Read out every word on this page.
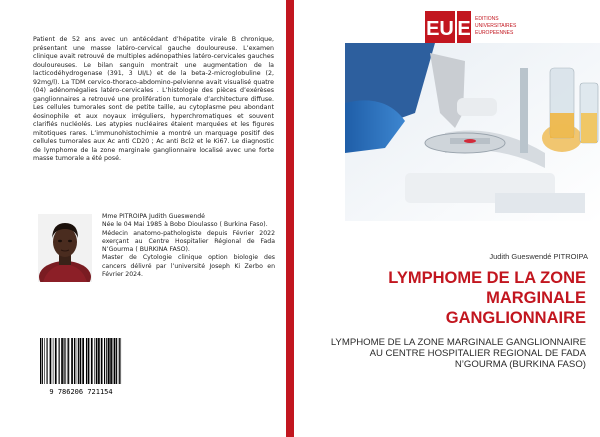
Patient de 52 ans avec un antécédant d’hépatite virale B chronique, présentant une masse latéro-cervical gauche douloureuse. L’examen clinique avait retrouvé de multiples adénopathies latéro-cervicales gauches douloureuses. Le bilan sanguin montrait une augmentation de la lacticodéhydrogenase (391, 3 UI/L) et de la beta-2-microglobuline (2, 92mg/l). La TDM cervico-thoraco-abdomino-pelvienne avait visualisé quatre (04) adénomégalies latéro-cervicales . L’histologie des pièces d’exérèses ganglionnaires a retrouvé une prolifération tumorale d’architecture diffuse. Les cellules tumorales sont de petite taille, au cytoplasme peu abondant éosinophile et aux noyaux irréguliers, hyperchromatiques et souvent clarifiés nucléolés. Les atypies nucléaires étaient marquées et les figures mitotiques rares. L’immunohistochimie a montré un marquage positif des cellules tumorales aux Ac anti CD20 ; Ac anti Bcl2 et le Ki67. Le diagnostic de lymphome de la zone marginale ganglionnaire localisé avec une forte masse tumorale a été posé.

Mme PITROIPA Judith Gueswendé

Née le 04 Mai 1985 à Bobo Dioulasso ( Burkina Faso).

Médecin anatomo-pathologiste depuis Février 2022 exerçant au Centre Hospitalier Régional de Fada N’Gourma ( BURKINA FASO).

Master de Cytologie clinique option biologie des cancers délivré par l’université Joseph Ki Zerbo en Février 2024.

9 786206 721154
EU E EDITIONS
UNIVERSITAIRES
EUROPEENNES
Judith Gueswendé PITROIPA
LYMPHOME DE LA ZONE
MARGINALE
GANGLIONNAIRE
LYMPHOME DE LA ZONE MARGINALE GANGLIONNAIRE AU CENTRE HOSPITALIER REGIONAL DE FADA N’GOURMA (BURKINA FASO)
